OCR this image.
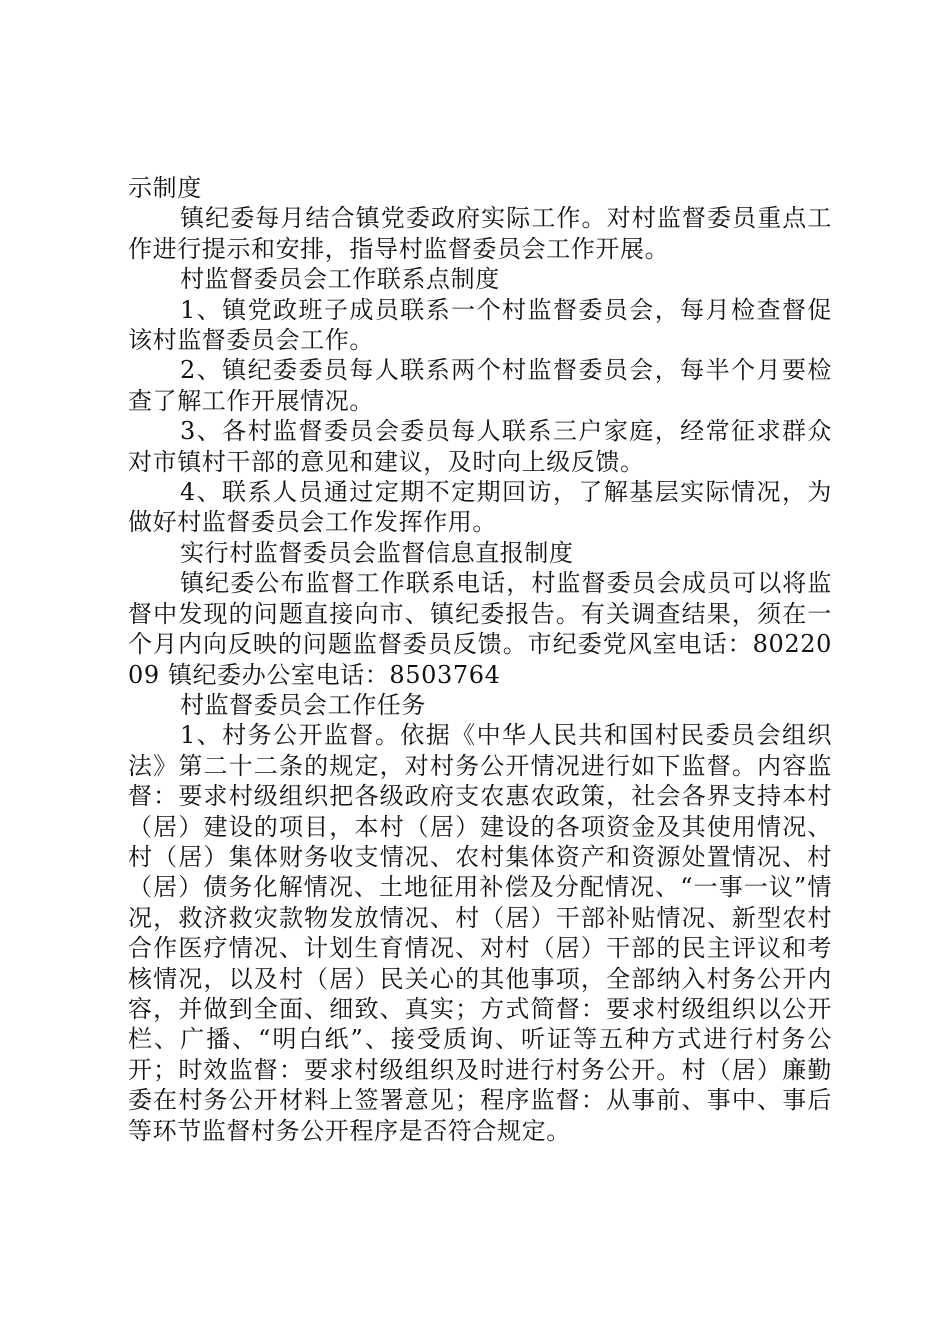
示制度

镇纪委每月结合镇党委政府实际工作。对村监督委员重点工作进行提示和安排，指导村监督委员会工作开展。

村监督委员会工作联系点制度

1、镇党政班子成员联系一个村监督委员会，每月检查督促该村监督委员会工作。

2、镇纪委委员每人联系两个村监督委员会，每半个月要检查了解工作开展情况。

3、各村监督委员会委员每人联系三户家庭，经常征求群众对市镇村干部的意见和建议，及时向上级反馈。

4、联系人员通过定期不定期回访，了解基层实际情况，为做好村监督委员会工作发挥作用。

实行村监督委员会监督信息直报制度

镇纪委公布监督工作联系电话，村监督委员会成员可以将监督中发现的问题直接向市、镇纪委报告。有关调查结果，须在一个月内向反映的问题监督委员反馈。市纪委党风室电话：8022009 镇纪委办公室电话：8503764

村监督委员会工作任务

1、村务公开监督。依据《中华人民共和国村民委员会组织法》第二十二条的规定，对村务公开情况进行如下监督。内容监督：要求村级组织把各级政府支农惠农政策，社会各界支持本村（居）建设的项目，本村（居）建设的各项资金及其使用情况、村（居）集体财务收支情况、农村集体资产和资源处置情况、村（居）债务化解情况、土地征用补偿及分配情况、“一事一议”情况，救济救灾款物发放情况、村（居）干部补贴情况、新型农村合作医疗情况、计划生育情况、对村（居）干部的民主评议和考核情况，以及村（居）民关心的其他事项，全部纳入村务公开内容，并做到全面、细致、真实；方式简督：要求村级组织以公开栏、广播、“明白纸”、接受质询、听证等五种方式进行村务公开；时效监督：要求村级组织及时进行村务公开。村（居）廉勤委在村务公开材料上签署意见；程序监督：从事前、事中、事后等环节监督村务公开程序是否符合规定。
